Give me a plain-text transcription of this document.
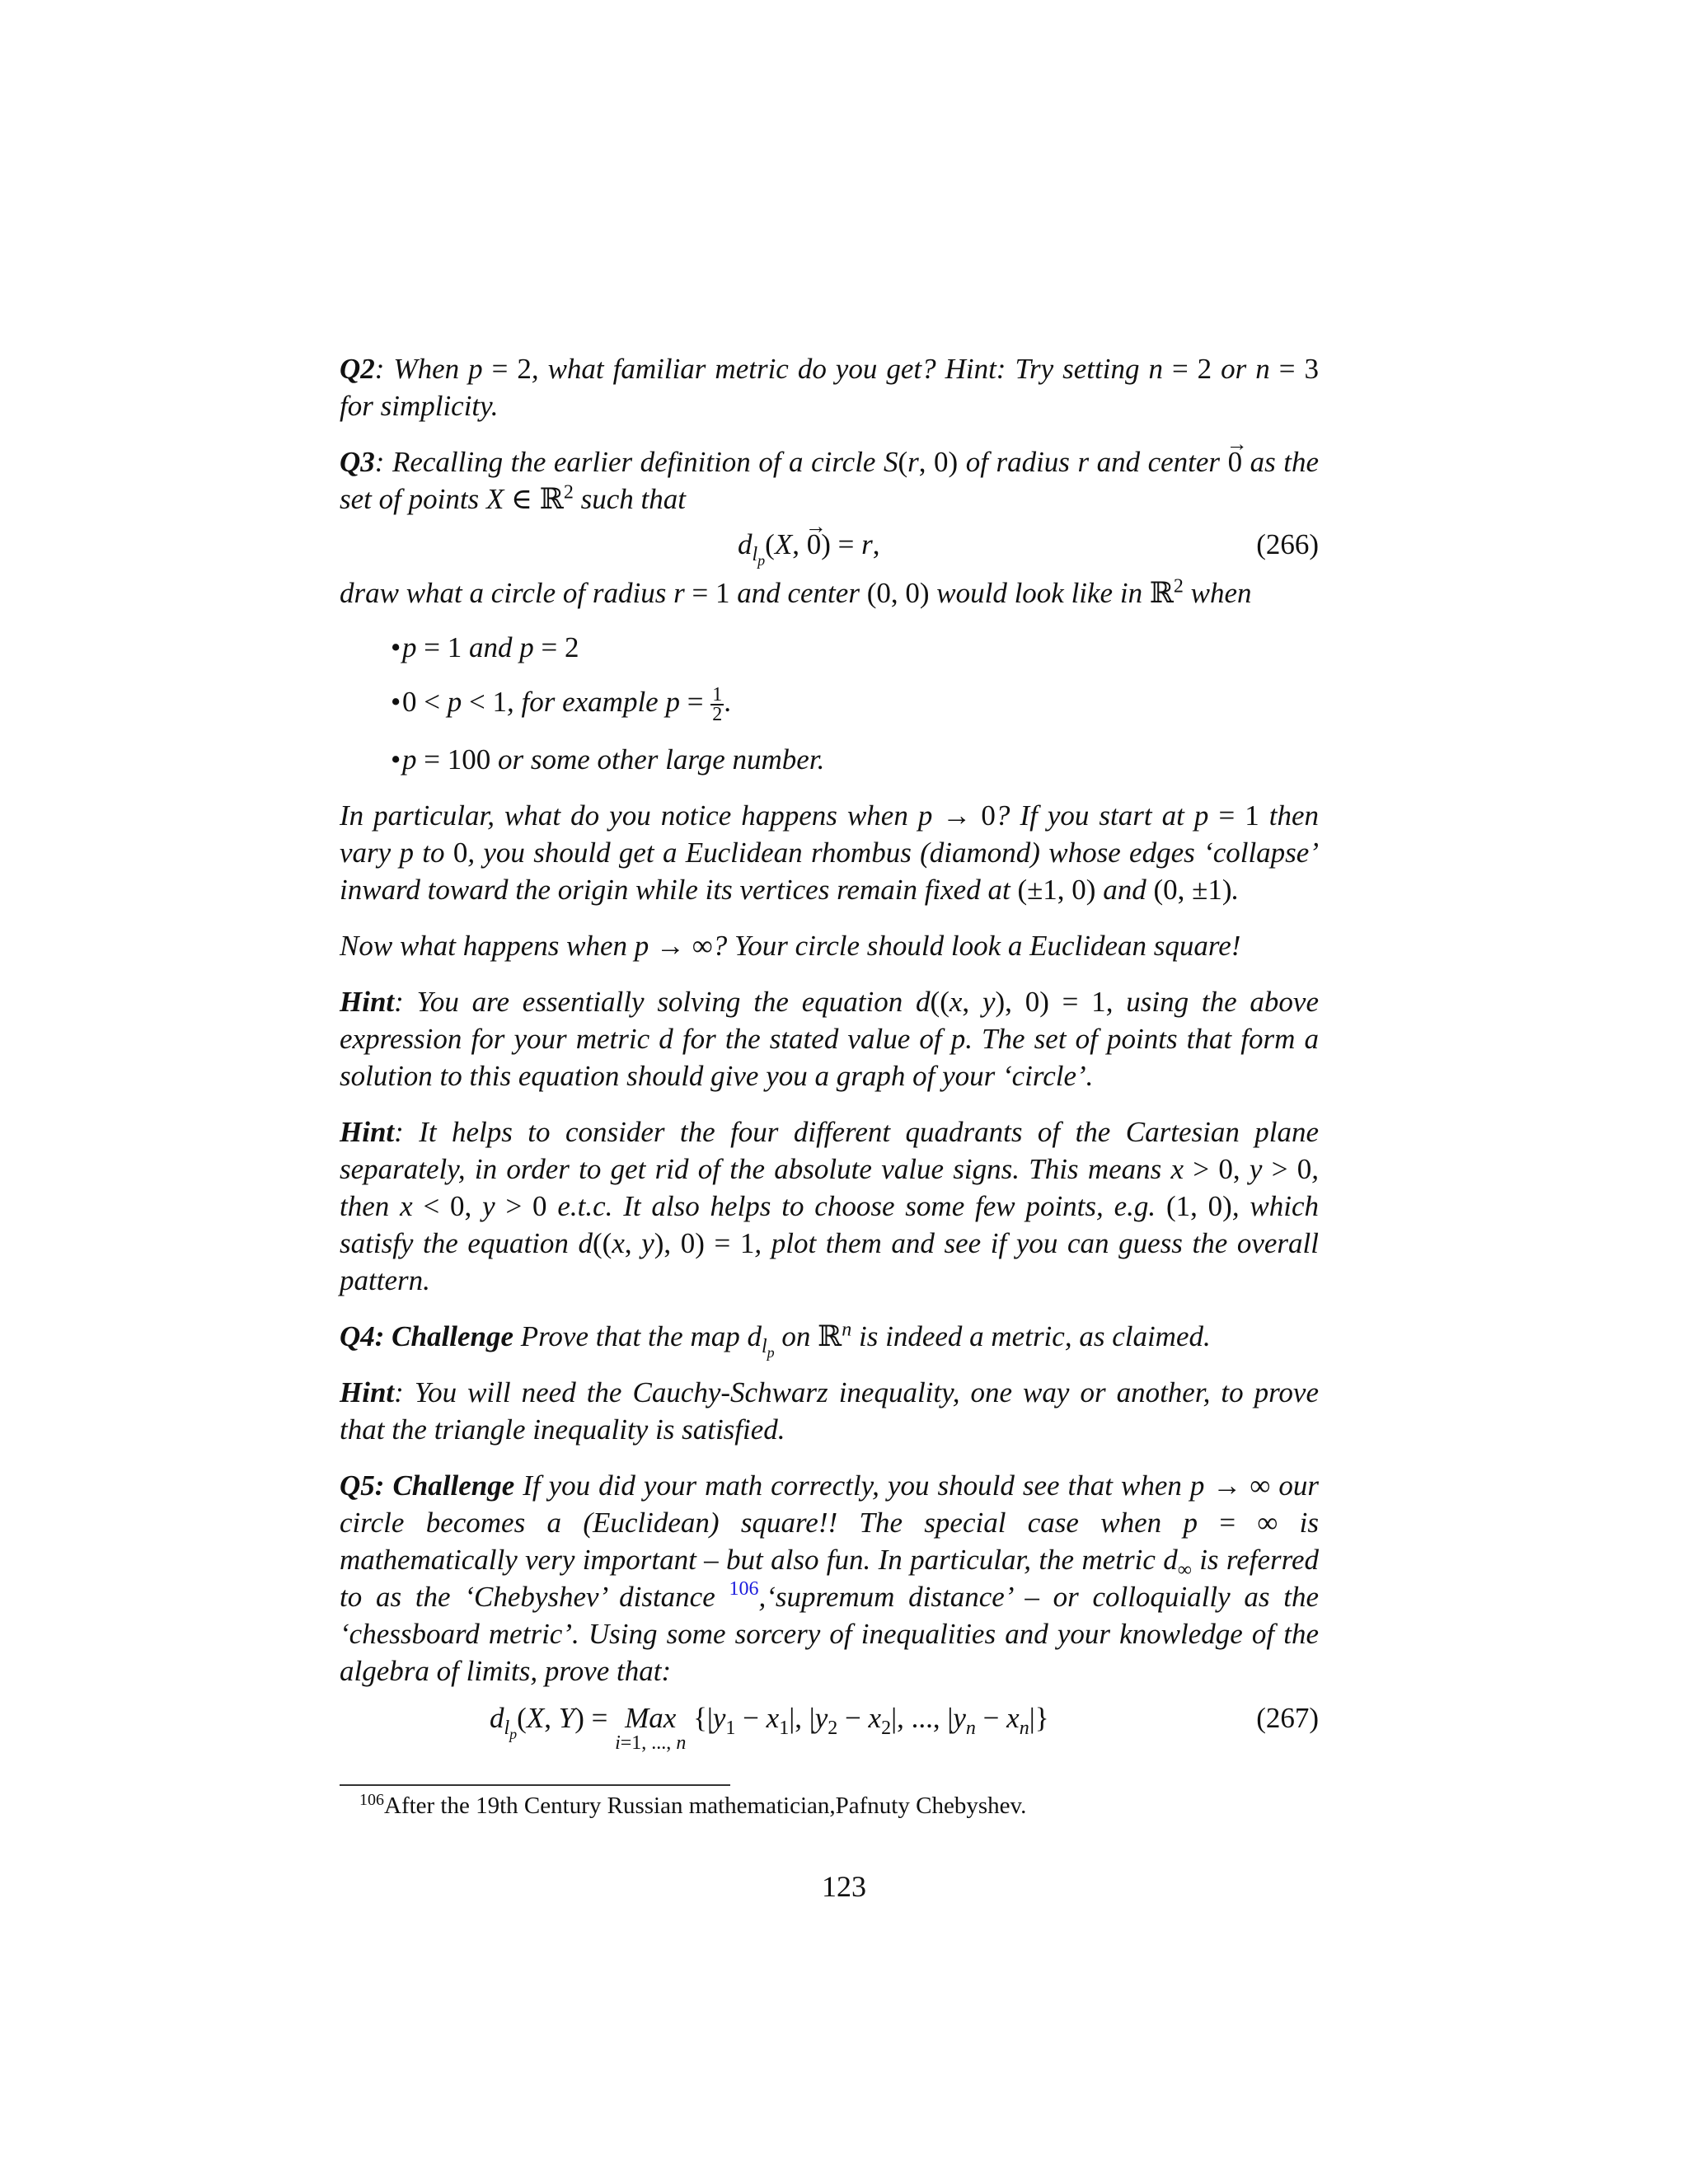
Q2: When p = 2, what familiar metric do you get? Hint: Try setting n = 2 or n = 3 for simplicity.

Q3: Recalling the earlier definition of a circle S(r, 0) of radius r and center → 0 as the set of points X ∈ ℝ$^2$ such that

$d_{l_p}(X$, → 0) = r,	(266)

draw what a circle of radius r = 1 and center (0, 0) would look like in ℝ$^2$ when

• p = 1 and p = 2
• 0 < p < 1, for example $p = \frac{1}{2}$ .
• p = 100 or some other large number.

In particular, what do you notice happens when p → 0? If you start at p = 1 then vary p to 0, you should get a Euclidean rhombus (diamond) whose edges ‘collapse’ inward toward the origin while its vertices remain fixed at (±1, 0) and (0, ±1).

Now what happens when p → ∞? Your circle should look a Euclidean square!

Hint: You are essentially solving the equation d((x, y), 0) = 1, using the above expression for your metric d for the stated value of p. The set of points that form a solution to this equation should give you a graph of your ‘circle’.

Hint: It helps to consider the four different quadrants of the Cartesian plane separately, in order to get rid of the absolute value signs. This means x > 0, y > 0, then x < 0, y > 0 e.t.c. It also helps to choose some few points, e.g. (1, 0), which satisfy the equation d((x, y), 0) = 1, plot them and see if you can guess the overall pattern.

Q4: Challenge Prove that the map $d_{l_p}$ on ℝ$^n$ is indeed a metric, as claimed.

Hint: You will need the Cauchy-Schwarz inequality, one way or another, to prove that the triangle inequality is satisfied.

Q5: Challenge If you did your math correctly, you should see that when p → ∞ our circle becomes a (Euclidean) square!! The special case when p = ∞ is mathematically very important – but also fun. In particular, the metric $d_\infty$ is referred to as the ‘Chebyshev’ distance $^{106}$,‘supremum distance’ – or colloquially as the ‘chessboard metric’. Using some sorcery of inequalities and your knowledge of the algebra of limits, prove that:

$d_{l_p}(X$, Y) = Max
i=1, ..., n
{$|y_1 - x_1|$, $|y_2 - x_2|$, ..., $|y_n - x_n|$}	(267)
$^{106}$After the 19th Century Russian mathematician,Pafnuty Chebyshev.
123
